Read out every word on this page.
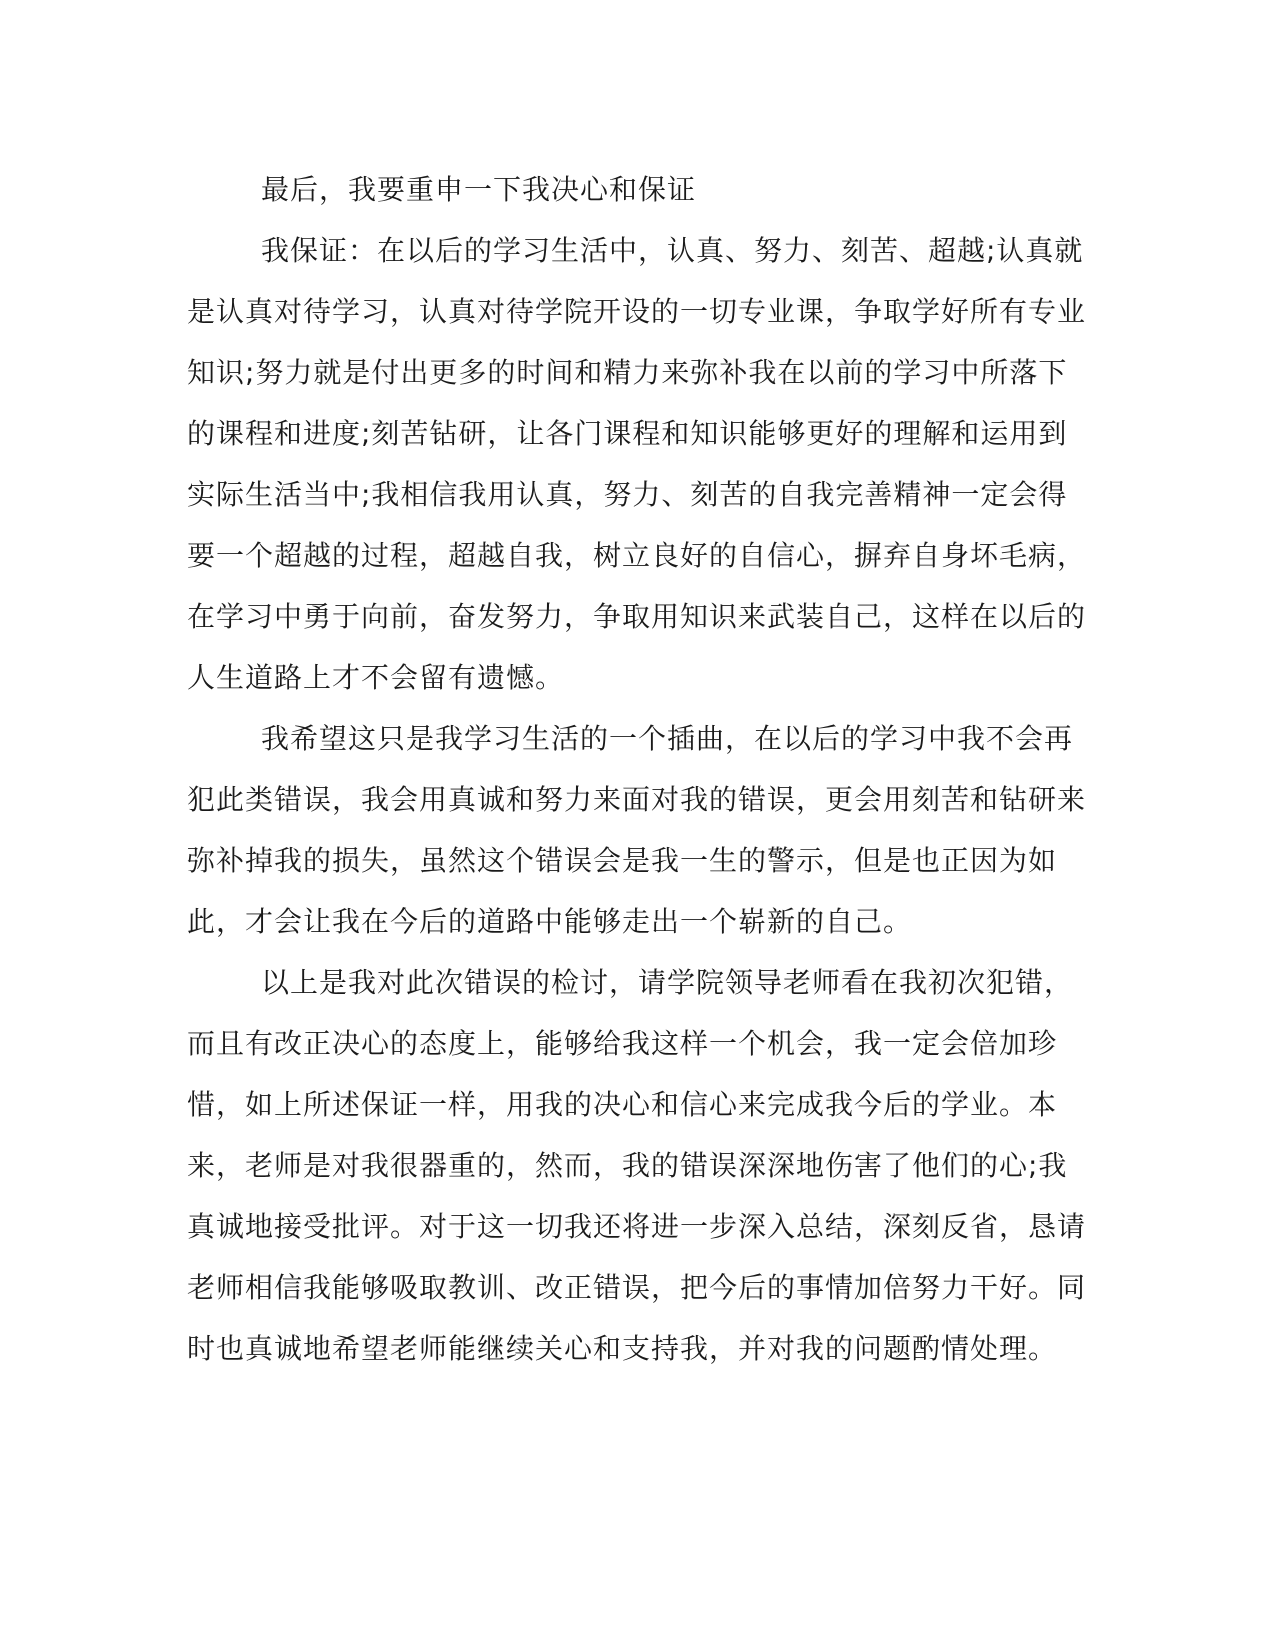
最后，我要重申一下我决心和保证

我保证：在以后的学习生活中，认真、努力、刻苦、超越;认真就是认真对待学习，认真对待学院开设的一切专业课，争取学好所有专业知识;努力就是付出更多的时间和精力来弥补我在以前的学习中所落下的课程和进度;刻苦钻研，让各门课程和知识能够更好的理解和运用到实际生活当中;我相信我用认真，努力、刻苦的自我完善精神一定会得要一个超越的过程，超越自我，树立良好的自信心，摒弃自身坏毛病，在学习中勇于向前，奋发努力，争取用知识来武装自己，这样在以后的人生道路上才不会留有遗憾。

我希望这只是我学习生活的一个插曲，在以后的学习中我不会再犯此类错误，我会用真诚和努力来面对我的错误，更会用刻苦和钻研来弥补掉我的损失，虽然这个错误会是我一生的警示，但是也正因为如此，才会让我在今后的道路中能够走出一个崭新的自己。

以上是我对此次错误的检讨，请学院领导老师看在我初次犯错，而且有改正决心的态度上，能够给我这样一个机会，我一定会倍加珍惜，如上所述保证一样，用我的决心和信心来完成我今后的学业。本来，老师是对我很器重的，然而，我的错误深深地伤害了他们的心;我真诚地接受批评。对于这一切我还将进一步深入总结，深刻反省，恳请老师相信我能够吸取教训、改正错误，把今后的事情加倍努力干好。同时也真诚地希望老师能继续关心和支持我，并对我的问题酌情处理。
